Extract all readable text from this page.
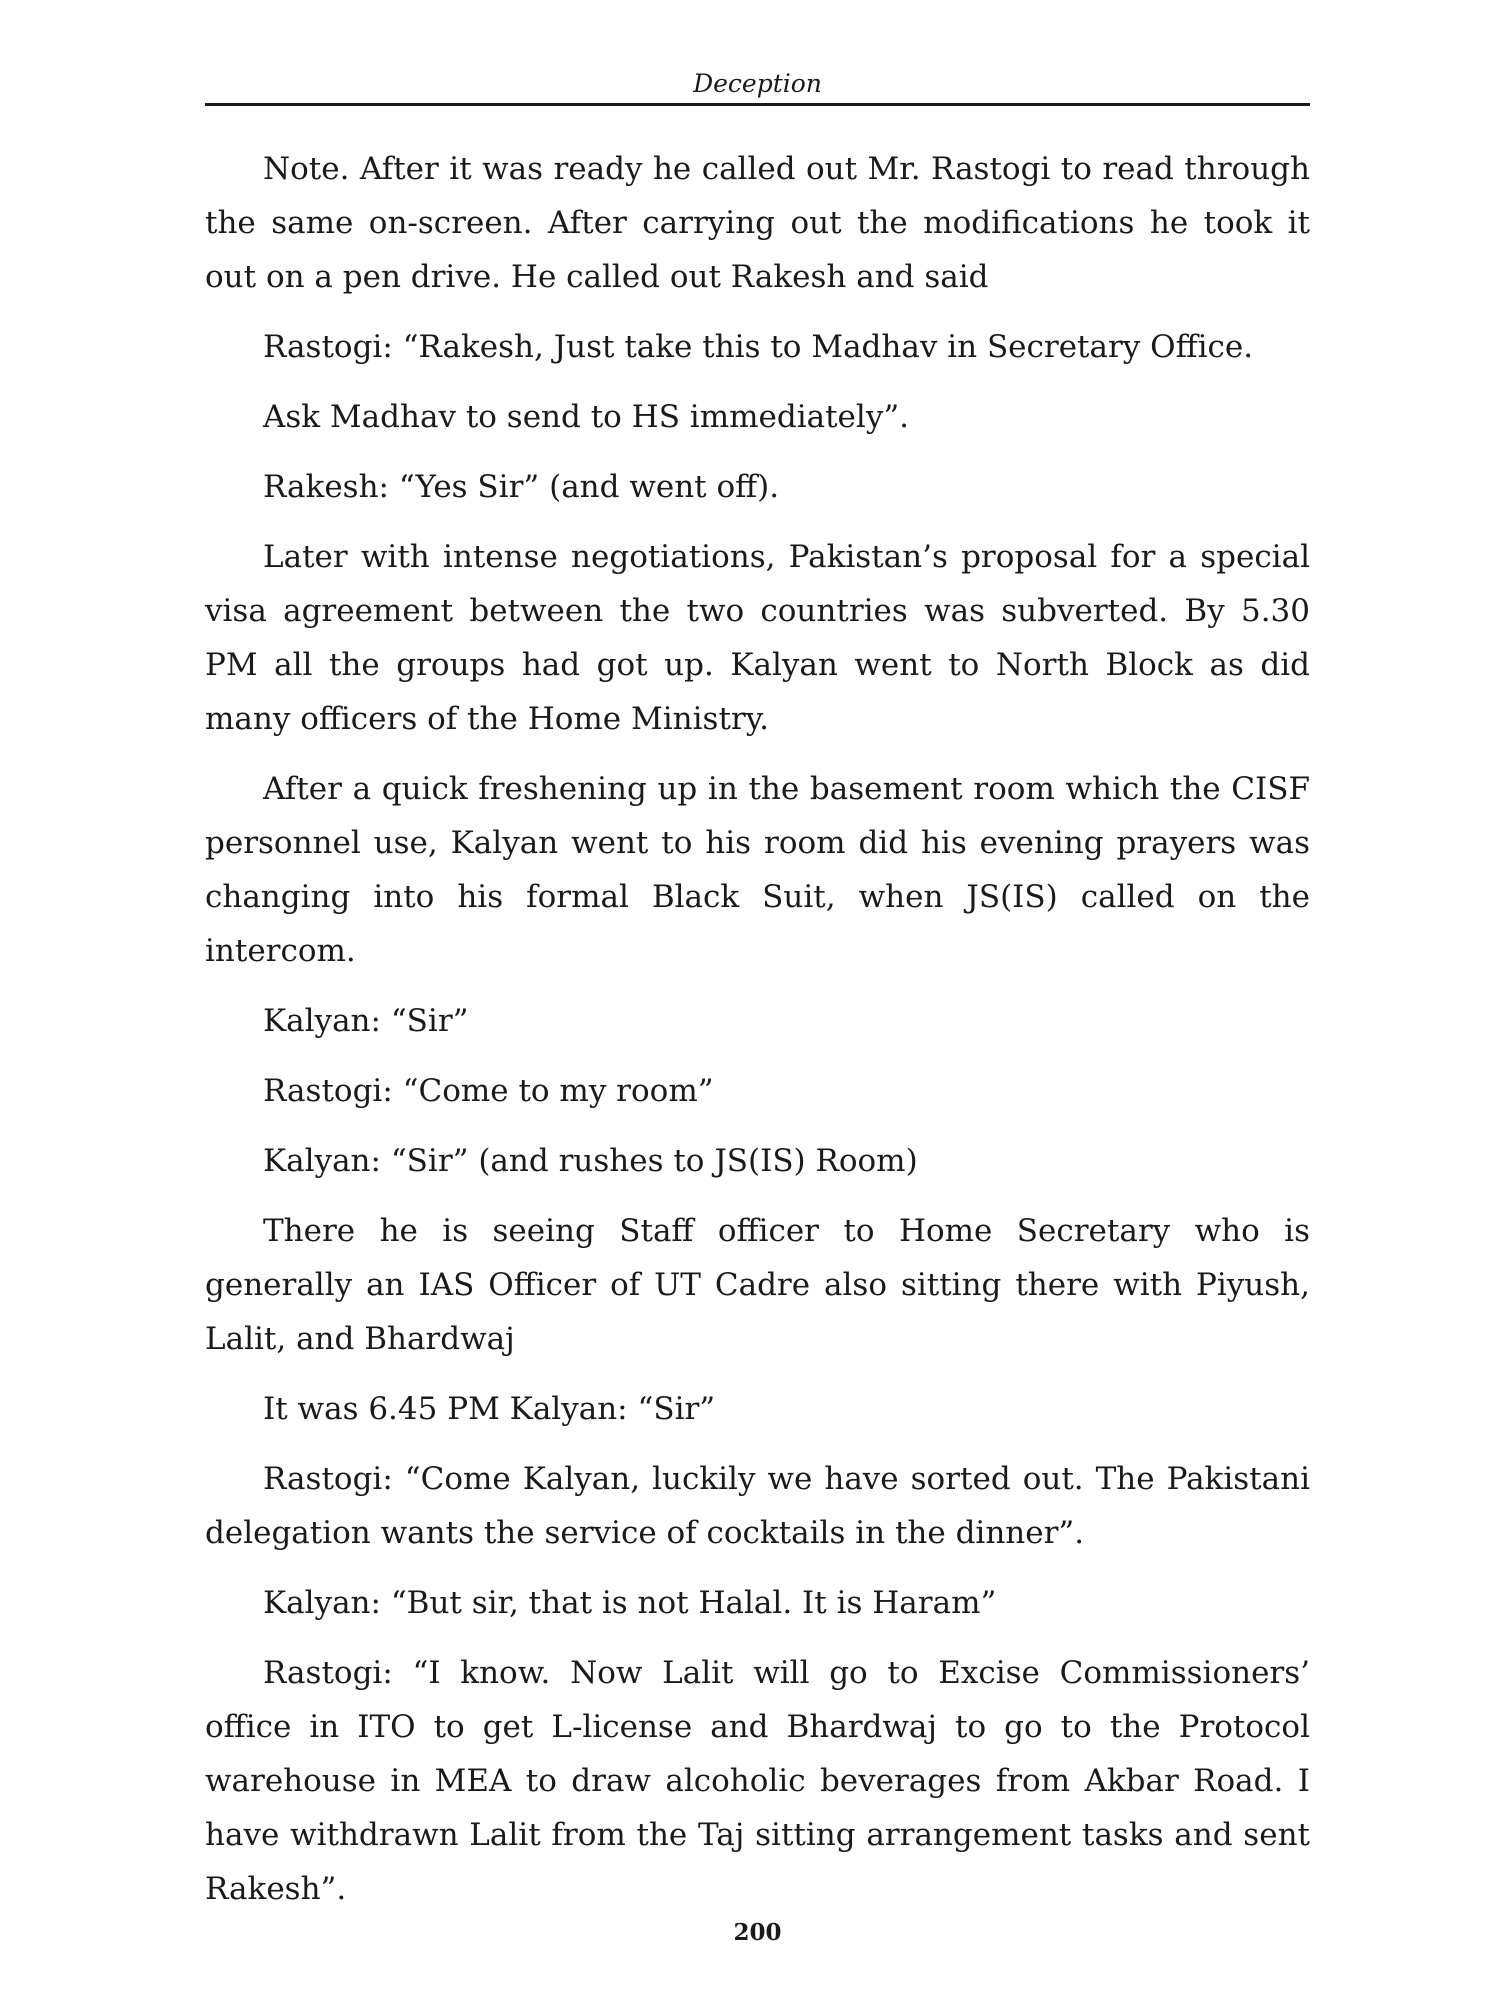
Deception

Note. After it was ready he called out Mr. Rastogi to read through the same on-screen. After carrying out the modifications he took it out on a pen drive. He called out Rakesh and said

Rastogi: “Rakesh, Just take this to Madhav in Secretary Office.

Ask Madhav to send to HS immediately”.

Rakesh: “Yes Sir” (and went off).

Later with intense negotiations, Pakistan’s proposal for a special visa agreement between the two countries was subverted. By 5.30 PM all the groups had got up. Kalyan went to North Block as did many officers of the Home Ministry.

After a quick freshening up in the basement room which the CISF personnel use, Kalyan went to his room did his evening prayers was changing into his formal Black Suit, when JS(IS) called on the intercom.

Kalyan: “Sir”

Rastogi: “Come to my room”

Kalyan: “Sir” (and rushes to JS(IS) Room)

There he is seeing Staff officer to Home Secretary who is generally an IAS Officer of UT Cadre also sitting there with Piyush, Lalit, and Bhardwaj

It was 6.45 PM Kalyan: “Sir”

Rastogi: “Come Kalyan, luckily we have sorted out. The Pakistani delegation wants the service of cocktails in the dinner”.

Kalyan: “But sir, that is not Halal. It is Haram”

Rastogi: “I know. Now Lalit will go to Excise Commissioners’ office in ITO to get L-license and Bhardwaj to go to the Protocol warehouse in MEA to draw alcoholic beverages from Akbar Road. I have withdrawn Lalit from the Taj sitting arrangement tasks and sent Rakesh”.

200
